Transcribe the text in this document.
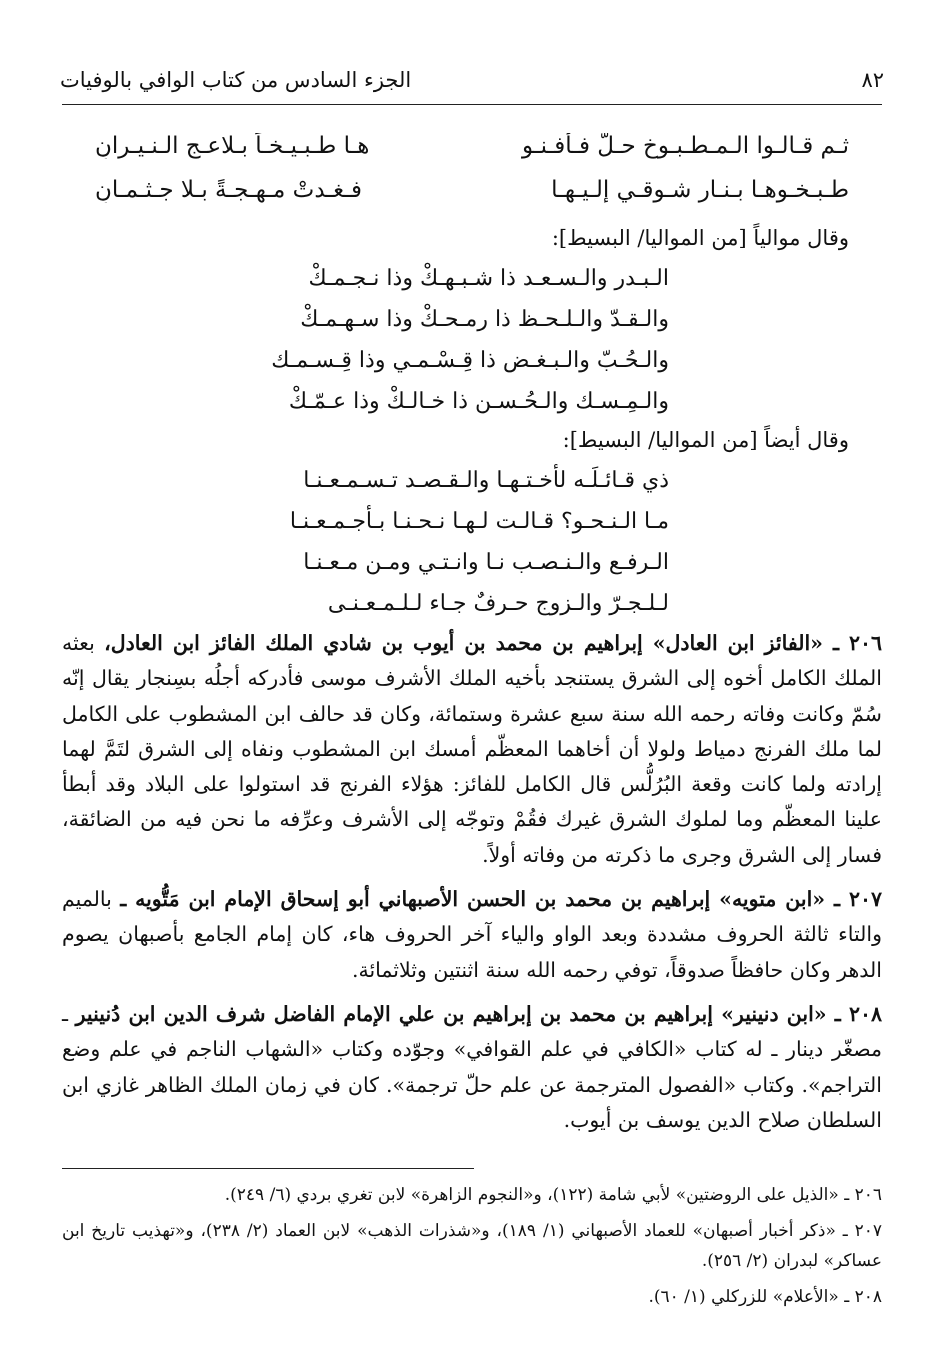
٨٢
الجزء السادس من كتاب الوافي بالوفيات
ثـم قـالـوا الـمـطـبـوخ حـلٌّ فـأفـنـو
هـا طـبـيـخـاً بـلاعـج الـنـيـرانِ
طـبـخـوهـا بـنـار شـوقـي إلـيـهـا
فـغـدتْ مـهـجـةً بـلا جـثـمـانِ
وقال موالياً [من المواليا/ البسيط]:
الـبـدر والـسـعـد ذا شـبـهـكْ وذا نـجـمـكْ
والـقـدّ والـلـحـظ ذا رمـحـكْ وذا سـهـمـكْ
والـحُـبّ والـبـغـض ذا قِـسْـمـي وذا قِـسـمـك
والـمِـسـك والـحُـسـن ذا خـالـكْ وذا عـمّـكْ
وقال أيضاً [من المواليا/ البسيط]:
ذي قـائـلَـه لأخـتـهـا والـقـصـد تـسـمـعـنـا
مـا الـنـحـو؟ قـالـت لـهـا نـحـنـا بـأجـمـعـنـا
الـرفـع والـنـصـب نـا وانـتـي ومـن مـعـنـا
لـلـجـرّ والـزوج حـرفٌ جـاء لـلـمـعـنـى

٢٠٦ ـ «الفائز ابن العادل» إبراهيم بن محمد بن أيوب بن شادي الملك الفائز ابن العادل، بعثه الملك الكامل أخوه إلى الشرق يستنجد بأخيه الملك الأشرف موسى فأدركه أجلُه بسِنجار يقال إنّه سُمّ وكانت وفاته رحمه الله سنة سبع عشرة وستمائة، وكان قد حالف ابن المشطوب على الكامل لما ملك الفرنج دمياط ولولا أن أخاهما المعظّم أمسك ابن المشطوب ونفاه إلى الشرق لتَمَّ لهما إرادته ولما كانت وقعة البُرُلُّس قال الكامل للفائز: هؤلاء الفرنج قد استولوا على البلاد وقد أبطأ علينا المعظّم وما لملوك الشرق غيرك فقُمْ وتوجّه إلى الأشرف وعرِّفه ما نحن فيه من الضائقة، فسار إلى الشرق وجرى ما ذكرته من وفاته أولاً.

٢٠٧ ـ «ابن متويه» إبراهيم بن محمد بن الحسن الأصبهاني أبو إسحاق الإمام ابن مَتُّويه ـ بالميم والتاء ثالثة الحروف مشددة وبعد الواو والياء آخر الحروف هاء، كان إمام الجامع بأصبهان يصوم الدهر وكان حافظاً صدوقاً، توفي رحمه الله سنة اثنتين وثلاثمائة.

٢٠٨ ـ «ابن دنينير» إبراهيم بن محمد بن إبراهيم بن علي الإمام الفاضل شرف الدين ابن دُنينير ـ مصغّر دينار ـ له كتاب «الكافي في علم القوافي» وجوّده وكتاب «الشهاب الناجم في علم وضع التراجم». وكتاب «الفصول المترجمة عن علم حلّ ترجمة». كان في زمان الملك الظاهر غازي ابن السلطان صلاح الدين يوسف بن أيوب.

٢٠٦ ـ «الذيل على الروضتين» لأبي شامة (١٢٢)، و«النجوم الزاهرة» لابن تغري بردي (٦/ ٢٤٩).
٢٠٧ ـ «ذكر أخبار أصبهان» للعماد الأصبهاني (١/ ١٨٩)، و«شذرات الذهب» لابن العماد (٢/ ٢٣٨)، و«تهذيب تاريخ ابن عساكر» لبدران (٢/ ٢٥٦).
٢٠٨ ـ «الأعلام» للزركلي (١/ ٦٠).
